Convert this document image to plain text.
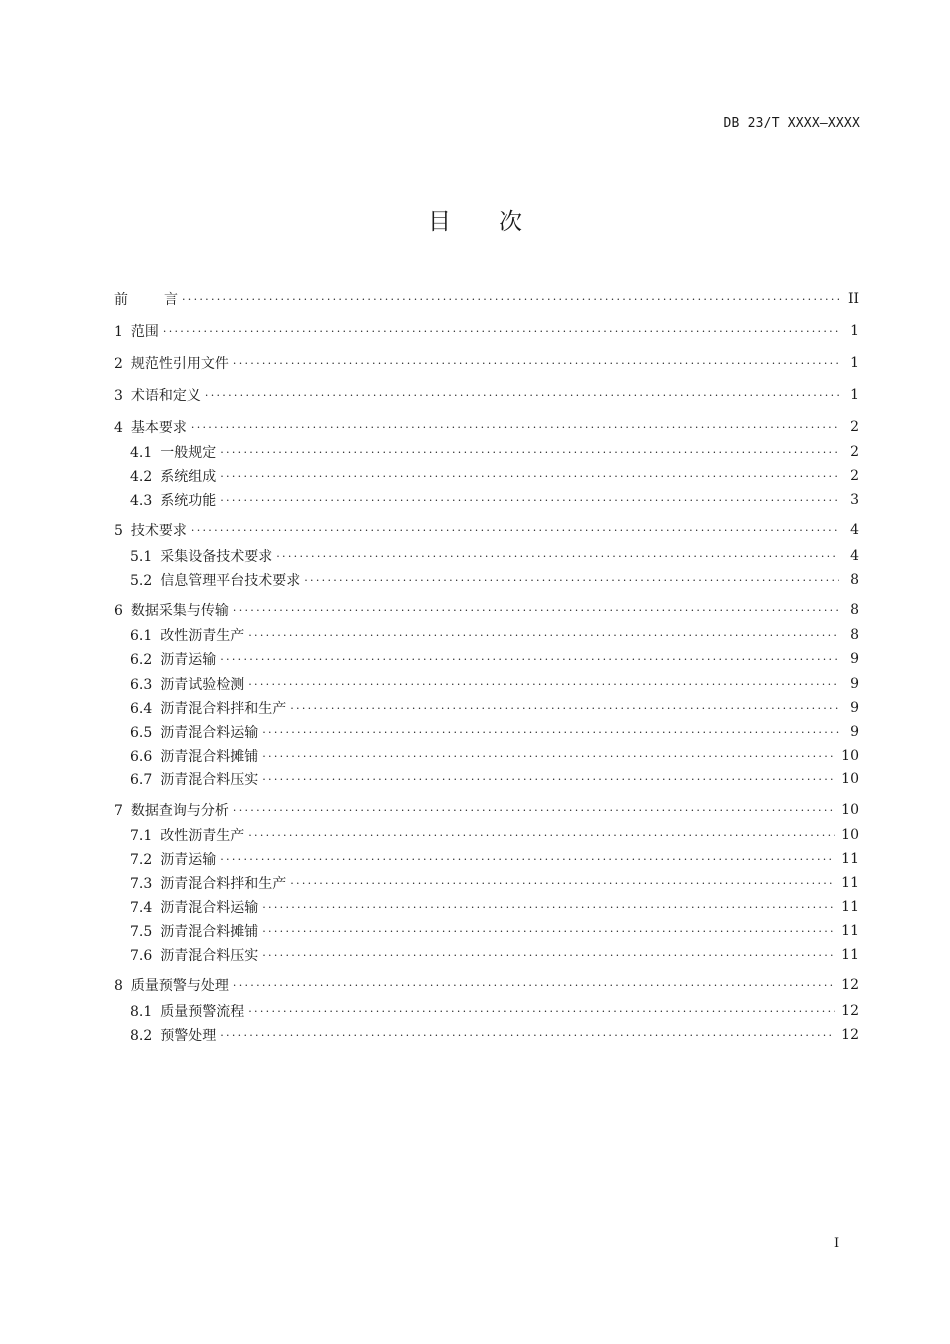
DB 23/T XXXX—XXXX
目 次
前	言 . . .	II
1 范围 . . .	1
2 规范性引用文件 . . .	1
3 术语和定义 . . .	1
4 基本要求 . . .	2
4.1 一般规定 . . .	2
4.2 系统组成 . . .	2
4.3 系统功能 . . .	3
5 技术要求 . . .	4
5.1 采集设备技术要求 . . .	4
5.2 信息管理平台技术要求 . . .	8
6 数据采集与传输 . . .	8
6.1 改性沥青生产 . . .	8
6.2 沥青运输 . . .	9
6.3 沥青试验检测 . . .	9
6.4 沥青混合料拌和生产 . . .	9
6.5 沥青混合料运输 . . .	9
6.6 沥青混合料摊铺 . . .	10
6.7 沥青混合料压实 . . .	10
7 数据查询与分析 . . .	10
7.1 改性沥青生产 . . .	10
7.2 沥青运输 . . .	11
7.3 沥青混合料拌和生产 . . .	11
7.4 沥青混合料运输 . . .	11
7.5 沥青混合料摊铺 . . .	11
7.6 沥青混合料压实 . . .	11
8 质量预警与处理 . . .	12
8.1 质量预警流程 . . .	12
8.2 预警处理 . . .	12
I
